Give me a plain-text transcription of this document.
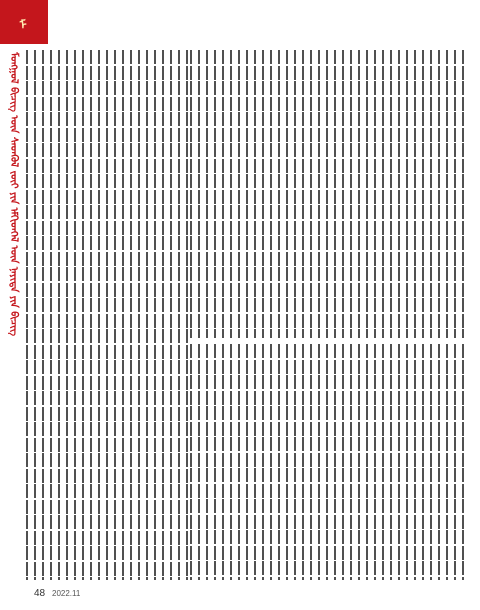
ᠮ
ᠮᠣᠩᠭᠣᠯ ᠪᠢᠴᠢᠭ ᠦᠨ ᠰᠡᠳᠬᠦᠯ ᠵᠦᠢ ᠶᠢᠨ ᠡᠮᠬᠢᠳᠭᠡᠯ ᠦᠨ ᠨᠡᠶᠢᠲᠡ ᠶᠢᠨ ᠪᠢᠴᠢᠭ
48 2022.11
